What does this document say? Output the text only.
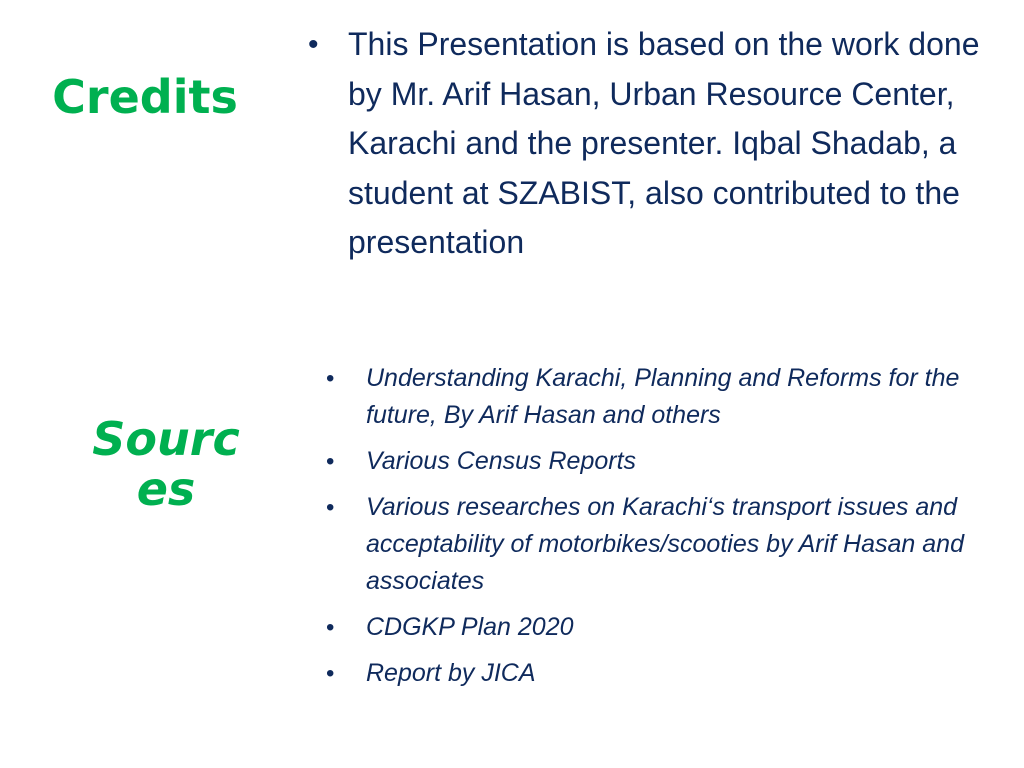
Credits
• This Presentation is based on the work done by Mr. Arif Hasan, Urban Resource Center, Karachi and the presenter. Iqbal Shadab, a student at SZABIST, also contributed to the presentation
Sources
• Understanding Karachi, Planning and Reforms for the future, By Arif Hasan and others
• Various Census Reports
• Various researches on Karachi‘s transport issues and acceptability of motorbikes/scooties by Arif Hasan and associates
• CDGKP Plan 2020
• Report by JICA
